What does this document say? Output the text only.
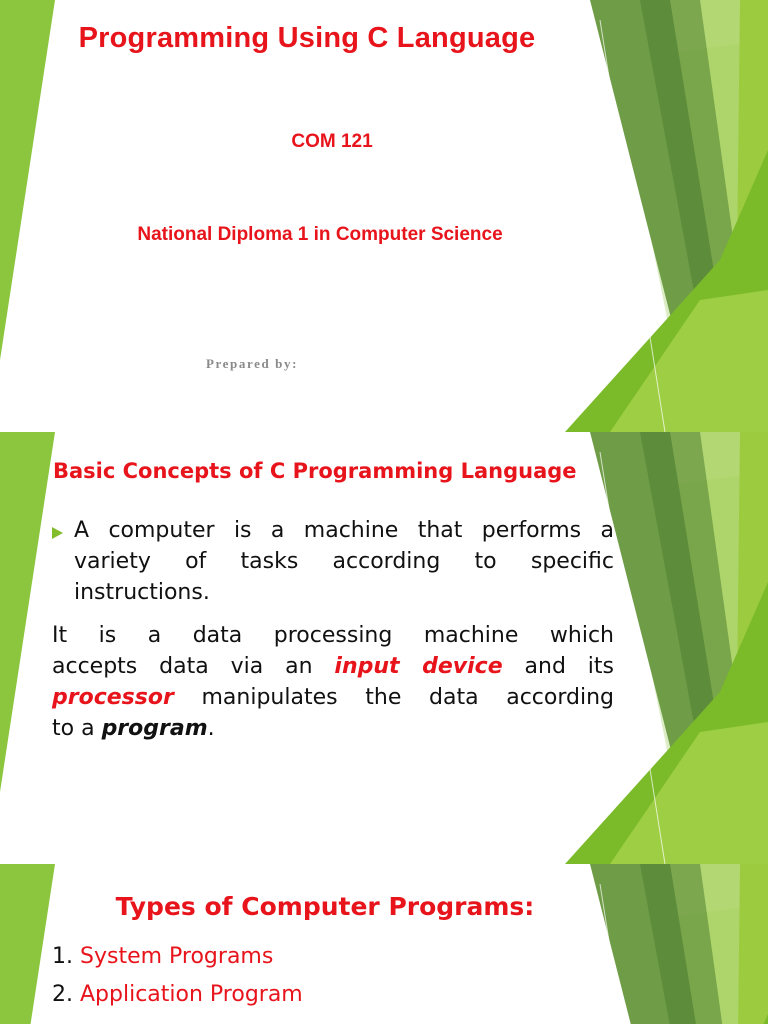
Programming Using C Language
COM 121
National Diploma 1 in Computer Science
Prepared by:
Basic Concepts of C Programming Language

A computer is a machine that performs a
variety of tasks according to specific
instructions.

It is a data processing machine which
accepts data via an input device and its
processor manipulates the data according
to a program.

Types of Computer Programs:
1. System Programs
2. Application Program
